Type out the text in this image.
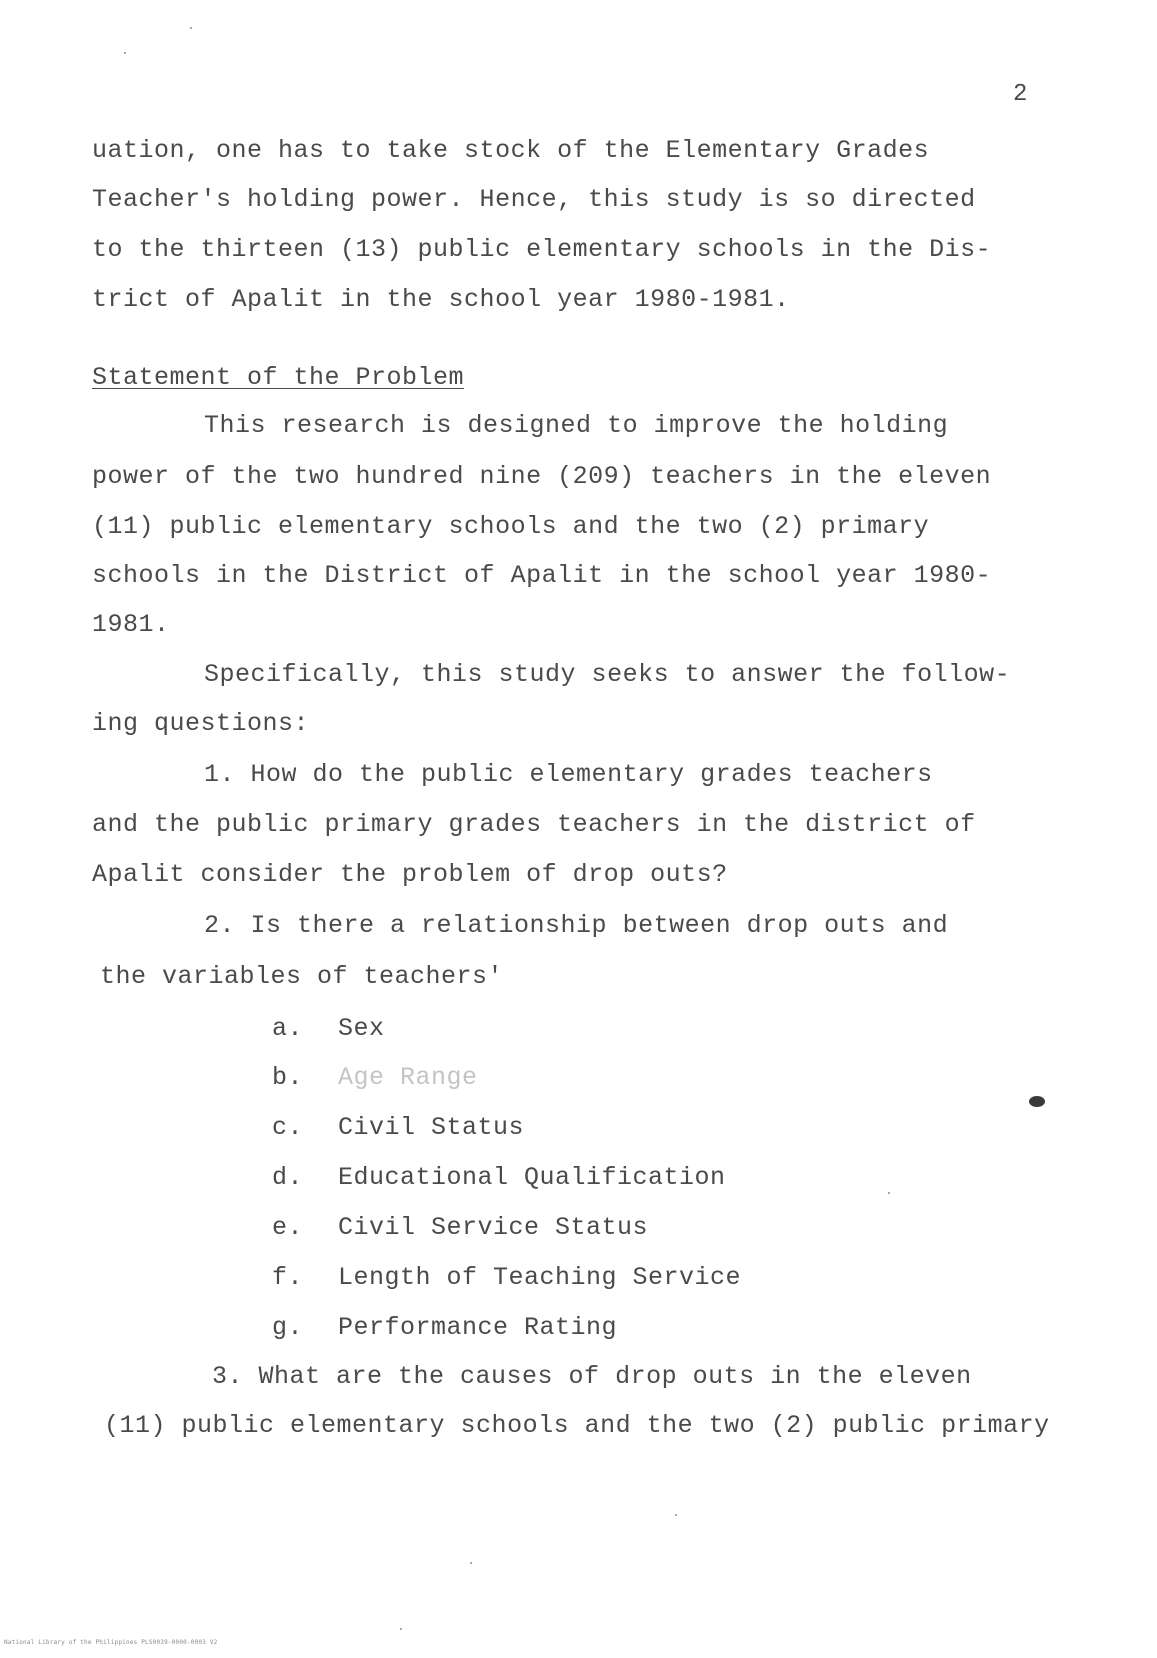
2
uation, one has to take stock of the Elementary Grades
Teacher's holding power. Hence, this study is so directed
to the thirteen (13) public elementary schools in the Dis-
trict of Apalit in the school year 1980-1981.
Statement of the Problem
This research is designed to improve the holding
power of the two hundred nine (209) teachers in the eleven
(11) public elementary schools and the two (2) primary
schools in the District of Apalit in the school year 1980-
1981.
Specifically, this study seeks to answer the follow-
ing questions:
1. How do the public elementary grades teachers
and the public primary grades teachers in the district of
Apalit consider the problem of drop outs?
2. Is there a relationship between drop outs and
the variables of teachers'
a. Sex
b. Age Range
c. Civil Status
d. Educational Qualification
e. Civil Service Status
f. Length of Teaching Service
g. Performance Rating
3. What are the causes of drop outs in the eleven
(11) public elementary schools and the two (2) public primary
National Library of the Philippines PLS0039-0000-0003 V2
